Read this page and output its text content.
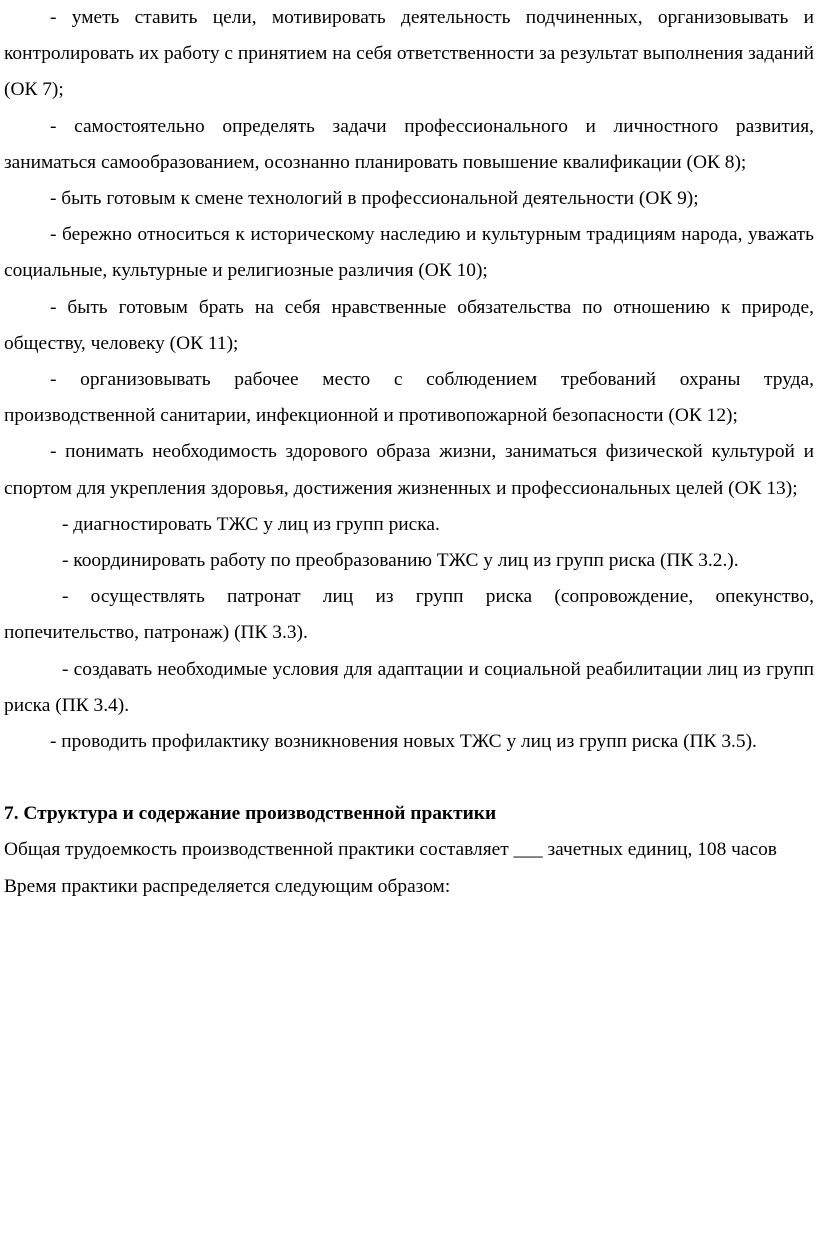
- уметь ставить цели, мотивировать деятельность подчиненных, организовывать и контролировать их работу с принятием на себя ответственности за результат выполнения заданий (ОК 7);

- самостоятельно определять задачи профессионального и личностного развития, заниматься самообразованием, осознанно планировать повышение квалификации (ОК 8);

- быть готовым к смене технологий в профессиональной деятельности (ОК 9);

- бережно относиться к историческому наследию и культурным традициям народа, уважать социальные, культурные и религиозные различия (ОК 10);

- быть готовым брать на себя нравственные обязательства по отношению к природе, обществу, человеку (ОК 11);

- организовывать рабочее место с соблюдением требований охраны труда, производственной санитарии, инфекционной и противопожарной безопасности (ОК 12);

- понимать необходимость здорового образа жизни, заниматься физической культурой и спортом для укрепления здоровья, достижения жизненных и профессиональных целей (ОК 13);

- диагностировать ТЖС у лиц из групп риска.

- координировать работу по преобразованию ТЖС у лиц из групп риска (ПК 3.2.).

- осуществлять патронат лиц из групп риска (сопровождение, опекунство, попечительство, патронаж) (ПК 3.3).

- создавать необходимые условия для адаптации и социальной реабилитации лиц из групп риска (ПК 3.4).

- проводить профилактику возникновения новых ТЖС у лиц из групп риска (ПК 3.5).

7. Структура и содержание производственной практики

Общая трудоемкость производственной практики составляет ___ зачетных единиц, 108 часов

Время практики распределяется следующим образом:
